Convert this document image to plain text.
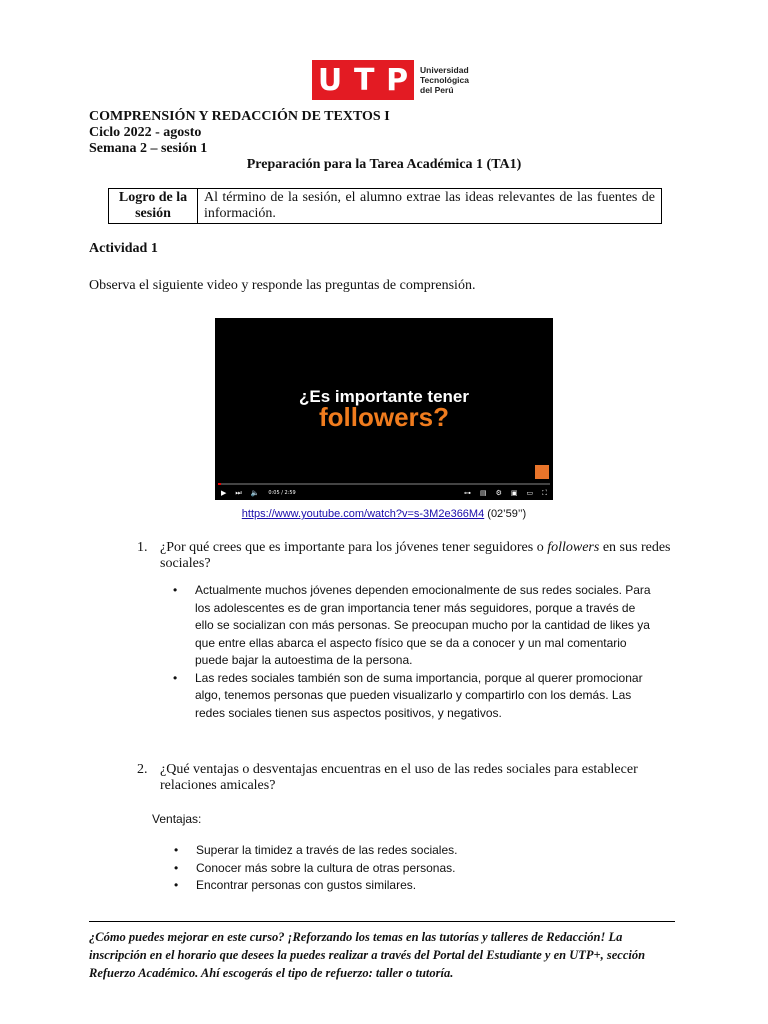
U T P Universidad
Tecnológica
del Perú
COMPRENSIÓN Y REDACCIÓN DE TEXTOS I
Ciclo 2022 - agosto
Semana 2 – sesión 1
Preparación para la Tarea Académica 1 (TA1)
Logro de la
sesión
Al término de la sesión, el alumno extrae las ideas relevantes de las fuentes de información.
Actividad 1
Observa el siguiente video y responde las preguntas de comprensión.
¿Es importante tener
followers?
▶ ⏭ 🔈 0:05 / 2:59	⊶ ▤ ⚙ ▣ ▭ ⛶
https://www.youtube.com/watch?v=s-3M2e366M4 (02’59’’)
1. ¿Por qué crees que es importante para los jóvenes tener seguidores o followers en sus redes sociales?
• Actualmente muchos jóvenes dependen emocionalmente de sus redes sociales. Para los adolescentes es de gran importancia tener más seguidores, porque a través de ello se socializan con más personas. Se preocupan mucho por la cantidad de likes ya que entre ellas abarca el aspecto físico que se da a conocer y un mal comentario puede bajar la autoestima de la persona.
• Las redes sociales también son de suma importancia, porque al querer promocionar algo, tenemos personas que pueden visualizarlo y compartirlo con los demás. Las redes sociales tienen sus aspectos positivos, y negativos.
2. ¿Qué ventajas o desventajas encuentras en el uso de las redes sociales para establecer relaciones amicales?
Ventajas:
• Superar la timidez a través de las redes sociales.
• Conocer más sobre la cultura de otras personas.
• Encontrar personas con gustos similares.
¿Cómo puedes mejorar en este curso? ¡Reforzando los temas en las tutorías y talleres de Redacción! La inscripción en el horario que desees la puedes realizar a través del Portal del Estudiante y en UTP+, sección Refuerzo Académico. Ahí escogerás el tipo de refuerzo: taller o tutoría.
